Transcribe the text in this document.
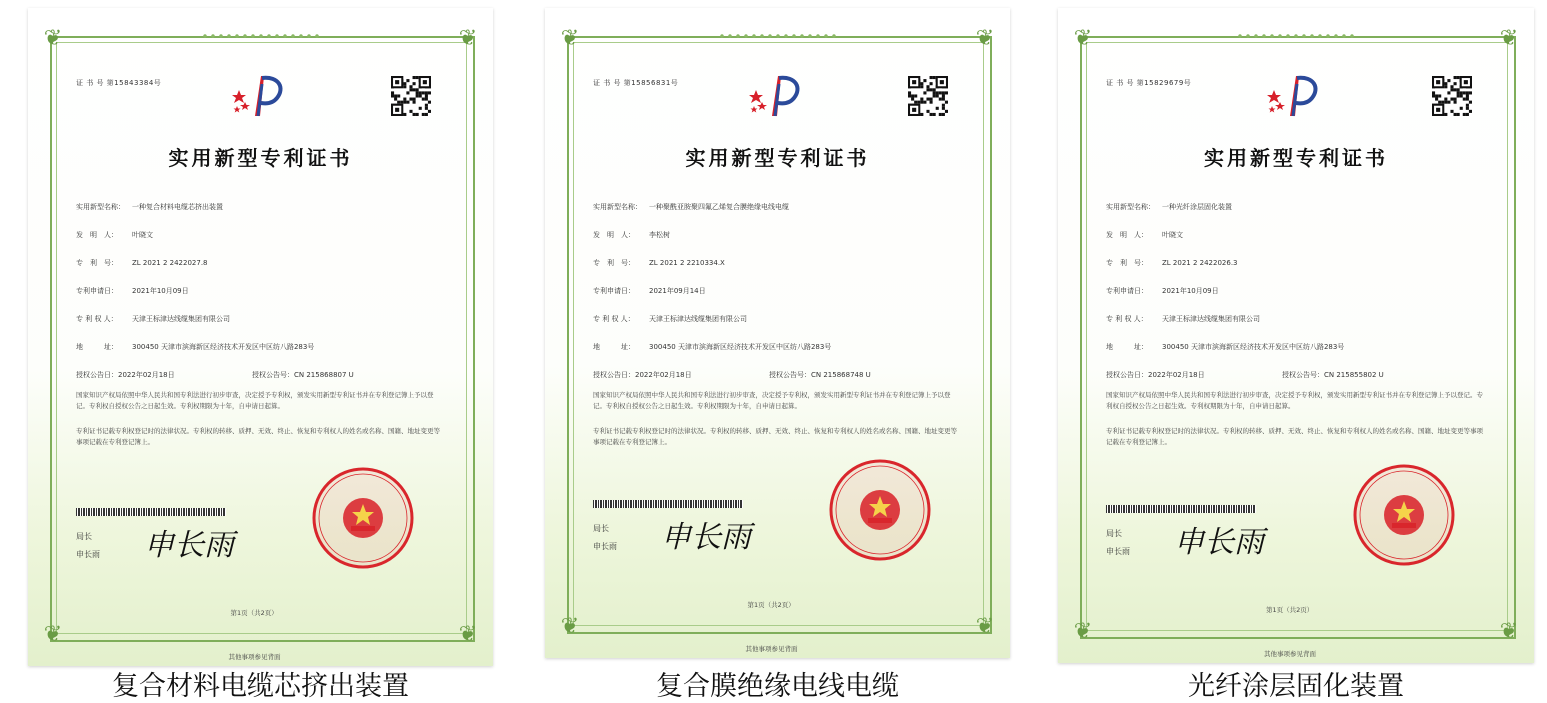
❦	❦
❦	❦
证 书 号 第15843384号
实用新型专利证书
实用新型名称： 一种复合材料电缆芯挤出装置
发　明　人： 叶晓文
专　利　号： ZL 2021 2 2422027.8
专利申请日： 2021年10月09日
专 利 权 人： 天津王标津达线缆集团有限公司
地　　　址： 300450 天津市滨海新区经济技术开发区中区纺八路283号
授权公告日：2022年02月18日	授权公告号：CN 215868807 U
国家知识产权局依照中华人民共和国专利法进行初步审查，决定授予专利权，颁发实用新型专利证书并在专利登记簿上予以登记。专利权自授权公告之日起生效。专利权期限为十年，自申请日起算。
专利证书记载专利权登记时的法律状况。专利权的转移、质押、无效、终止、恢复和专利权人的姓名或名称、国籍、地址变更等事项记载在专利登记簿上。
局长
申长雨 申长雨
第1页（共2页）
其他事项参见背面
复合材料电缆芯挤出装置
❦	❦
❦	❦
证 书 号 第15856831号
实用新型专利证书
实用新型名称： 一种聚酰亚胺聚四氟乙烯复合膜绝缘电线电缆
发　明　人： 李松树
专　利　号： ZL 2021 2 2210334.X
专利申请日： 2021年09月14日
专 利 权 人： 天津王标津达线缆集团有限公司
地　　　址： 300450 天津市滨海新区经济技术开发区中区纺八路283号
授权公告日：2022年02月18日	授权公告号：CN 215868748 U
国家知识产权局依照中华人民共和国专利法进行初步审查，决定授予专利权，颁发实用新型专利证书并在专利登记簿上予以登记。专利权自授权公告之日起生效。专利权期限为十年，自申请日起算。
专利证书记载专利权登记时的法律状况。专利权的转移、质押、无效、终止、恢复和专利权人的姓名或名称、国籍、地址变更等事项记载在专利登记簿上。
局长
申长雨 申长雨
第1页（共2页）
其他事项参见背面
复合膜绝缘电线电缆
❦	❦
❦	❦
证 书 号 第15829679号
实用新型专利证书
实用新型名称： 一种光纤涂层固化装置
发　明　人： 叶晓文
专　利　号： ZL 2021 2 2422026.3
专利申请日： 2021年10月09日
专 利 权 人： 天津王标津达线缆集团有限公司
地　　　址： 300450 天津市滨海新区经济技术开发区中区纺八路283号
授权公告日：2022年02月18日	授权公告号：CN 215855802 U
国家知识产权局依照中华人民共和国专利法进行初步审查，决定授予专利权，颁发实用新型专利证书并在专利登记簿上予以登记。专利权自授权公告之日起生效。专利权期限为十年，自申请日起算。
专利证书记载专利权登记时的法律状况。专利权的转移、质押、无效、终止、恢复和专利权人的姓名或名称、国籍、地址变更等事项记载在专利登记簿上。
局长
申长雨 申长雨
第1页（共2页）
其他事项参见背面
光纤涂层固化装置
